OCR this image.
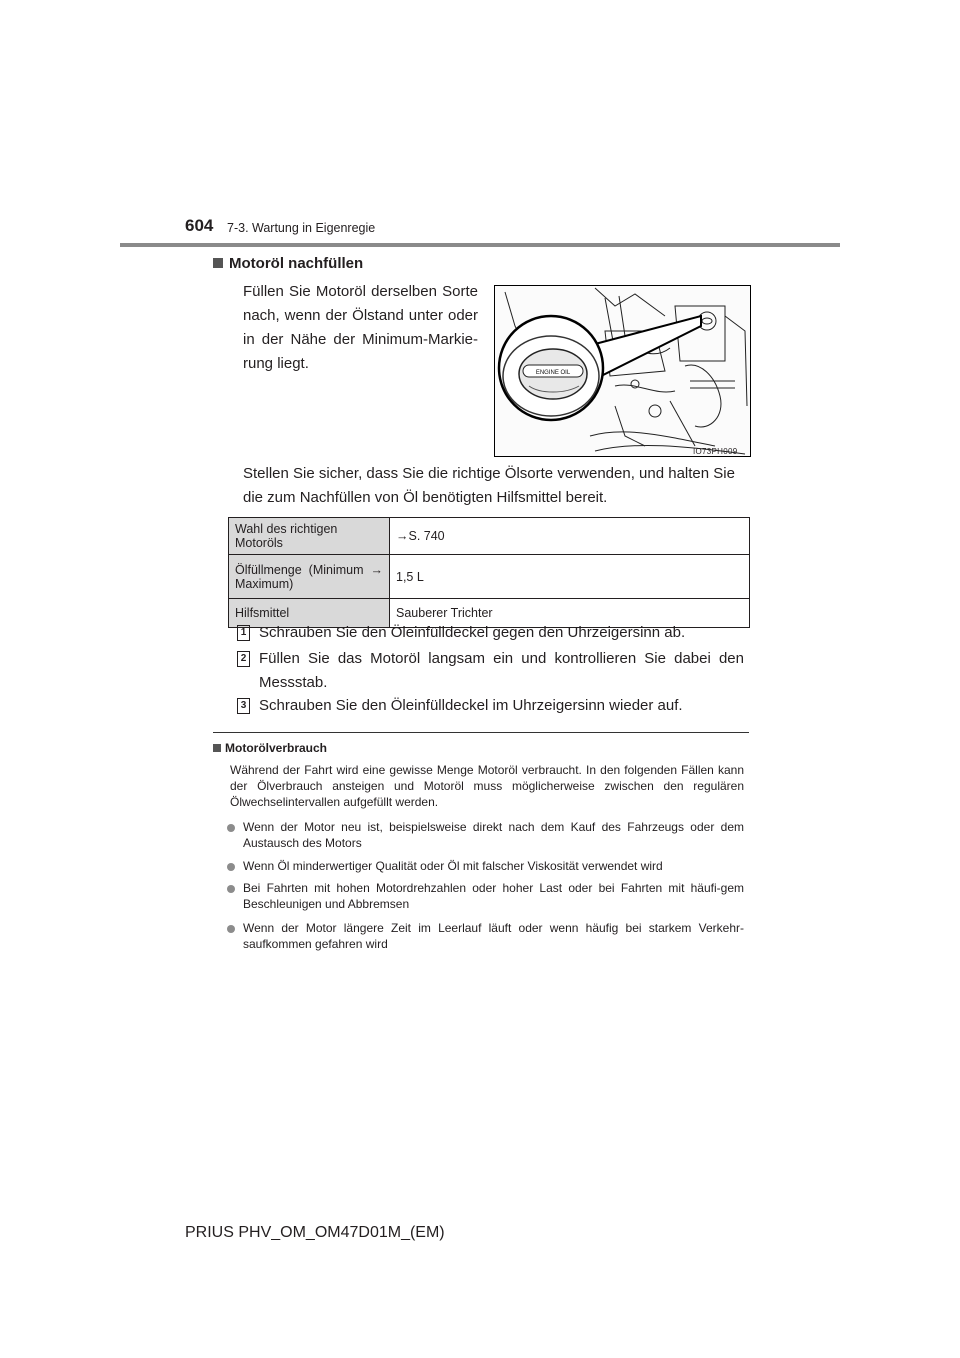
604 7-3. Wartung in Eigenregie
Motoröl nachfüllen
Füllen Sie Motoröl derselben Sorte nach, wenn der Ölstand unter oder in der Nähe der Minimum-Markie-rung liegt.
ENGINE OIL
IO73PH009
Stellen Sie sicher, dass Sie die richtige Ölsorte verwenden, und halten Sie die zum Nachfüllen von Öl benötigten Hilfsmittel bereit.
Wahl des richtigen Motoröls	→S. 740

Ölfüllmenge (Minimum →
Maximum)	1,5 L
Hilfsmittel	Sauberer Trichter
1 Schrauben Sie den Öleinfülldeckel gegen den Uhrzeigersinn ab.
2 Füllen Sie das Motoröl langsam ein und kontrollieren Sie dabei den Messstab.
3 Schrauben Sie den Öleinfülldeckel im Uhrzeigersinn wieder auf.
Motorölverbrauch
Während der Fahrt wird eine gewisse Menge Motoröl verbraucht. In den folgenden Fällen kann der Ölverbrauch ansteigen und Motoröl muss möglicherweise zwischen den regulären Ölwechselintervallen aufgefüllt werden.
Wenn der Motor neu ist, beispielsweise direkt nach dem Kauf des Fahrzeugs oder dem Austausch des Motors
Wenn Öl minderwertiger Qualität oder Öl mit falscher Viskosität verwendet wird
Bei Fahrten mit hohen Motordrehzahlen oder hoher Last oder bei Fahrten mit häufi-gem Beschleunigen und Abbremsen
Wenn der Motor längere Zeit im Leerlauf läuft oder wenn häufig bei starkem Verkehr-saufkommen gefahren wird
PRIUS PHV_OM_OM47D01M_(EM)
